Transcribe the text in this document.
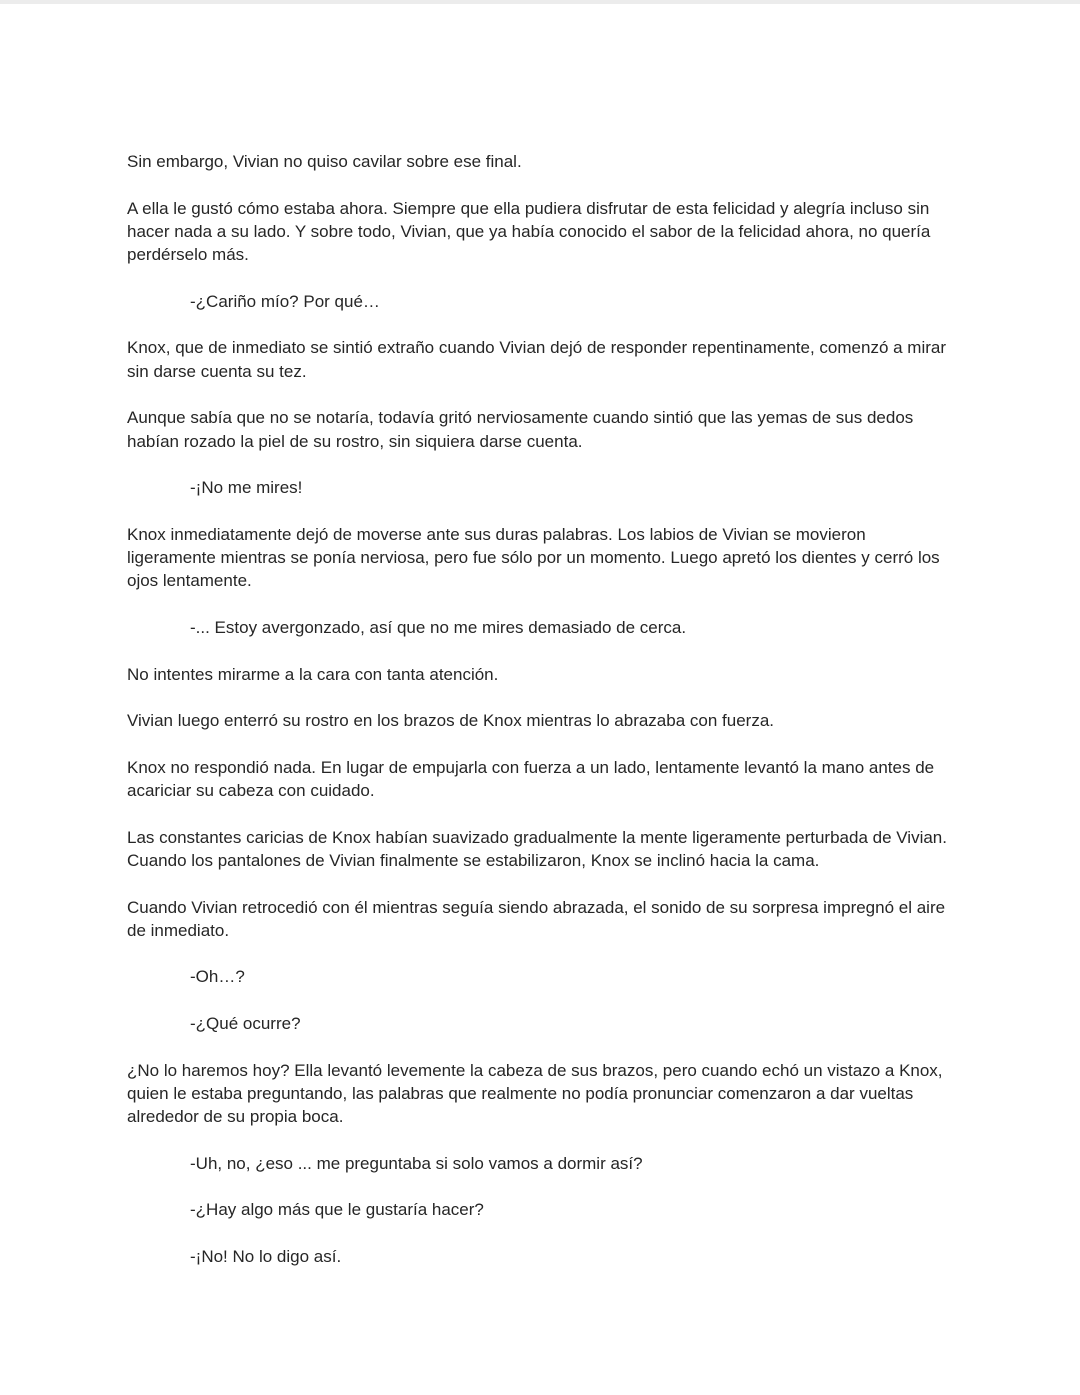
Sin embargo, Vivian no quiso cavilar sobre ese final.

A ella le gustó cómo estaba ahora. Siempre que ella pudiera disfrutar de esta felicidad y alegría incluso sin hacer nada a su lado. Y sobre todo, Vivian, que ya había conocido el sabor de la felicidad ahora, no quería perdérselo más.

-¿Cariño mío? Por qué…

Knox, que de inmediato se sintió extraño cuando Vivian dejó de responder repentinamente, comenzó a mirar sin darse cuenta su tez.

Aunque sabía que no se notaría, todavía gritó nerviosamente cuando sintió que las yemas de sus dedos habían rozado la piel de su rostro, sin siquiera darse cuenta.

-¡No me mires!

Knox inmediatamente dejó de moverse ante sus duras palabras. Los labios de Vivian se movieron ligeramente mientras se ponía nerviosa, pero fue sólo por un momento. Luego apretó los dientes y cerró los ojos lentamente.

-... Estoy avergonzado, así que no me mires demasiado de cerca.

No intentes mirarme a la cara con tanta atención.

Vivian luego enterró su rostro en los brazos de Knox mientras lo abrazaba con fuerza.

Knox no respondió nada. En lugar de empujarla con fuerza a un lado, lentamente levantó la mano antes de acariciar su cabeza con cuidado.

Las constantes caricias de Knox habían suavizado gradualmente la mente ligeramente perturbada de Vivian. Cuando los pantalones de Vivian finalmente se estabilizaron, Knox se inclinó hacia la cama.

Cuando Vivian retrocedió con él mientras seguía siendo abrazada, el sonido de su sorpresa impregnó el aire de inmediato.

-Oh…?

-¿Qué ocurre?

¿No lo haremos hoy? Ella levantó levemente la cabeza de sus brazos, pero cuando echó un vistazo a Knox, quien le estaba preguntando, las palabras que realmente no podía pronunciar comenzaron a dar vueltas alrededor de su propia boca.

-Uh, no, ¿eso ... me preguntaba si solo vamos a dormir así?

-¿Hay algo más que le gustaría hacer?

-¡No! No lo digo así.
